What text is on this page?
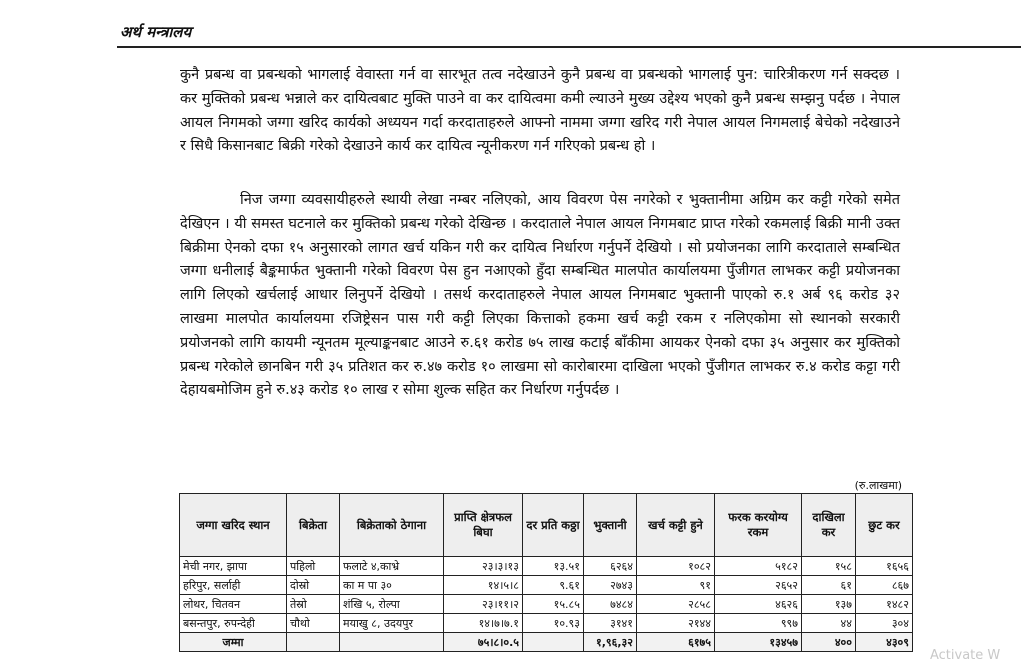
अर्थ मन्त्रालय

कुनै प्रबन्ध वा प्रबन्धको भागलाई वेवास्ता गर्न वा सारभूत तत्व नदेखाउने कुनै प्रबन्ध वा प्रबन्धको भागलाई पुन: चारित्रीकरण गर्न सक्दछ । कर मुक्तिको प्रबन्ध भन्नाले कर दायित्वबाट मुक्ति पाउने वा कर दायित्वमा कमी ल्याउने मुख्य उद्देश्य भएको कुनै प्रबन्ध सम्झनु पर्दछ । नेपाल आयल निगमको जग्गा खरिद कार्यको अध्ययन गर्दा करदाताहरुले आफ्नो नाममा जग्गा खरिद गरी नेपाल आयल निगमलाई बेचेको नदेखाउने र सिधै किसानबाट बिक्री गरेको देखाउने कार्य कर दायित्व न्यूनीकरण गर्न गरिएको प्रबन्ध हो ।

निज जग्गा व्यवसायीहरुले स्थायी लेखा नम्बर नलिएको, आय विवरण पेस नगरेको र भुक्तानीमा अग्रिम कर कट्टी गरेको समेत देखिएन । यी समस्त घटनाले कर मुक्तिको प्रबन्ध गरेको देखिन्छ । करदाताले नेपाल आयल निगमबाट प्राप्त गरेको रकमलाई बिक्री मानी उक्त बिक्रीमा ऐनको दफा १५ अनुसारको लागत खर्च यकिन गरी कर दायित्व निर्धारण गर्नुपर्ने देखियो । सो प्रयोजनका लागि करदाताले सम्बन्धित जग्गा धनीलाई बैङ्कमार्फत भुक्तानी गरेको विवरण पेस हुन नआएको हुँदा सम्बन्धित मालपोत कार्यालयमा पुँजीगत लाभकर कट्टी प्रयोजनका लागि लिएको खर्चलाई आधार लिनुपर्ने देखियो । तसर्थ करदाताहरुले नेपाल आयल निगमबाट भुक्तानी पाएको रु.१ अर्ब ९६ करोड ३२ लाखमा मालपोत कार्यालयमा रजिष्ट्रेसन पास गरी कट्टी लिएका कित्ताको हकमा खर्च कट्टी रकम र नलिएकोमा सो स्थानको सरकारी प्रयोजनको लागि कायमी न्यूनतम मूल्याङ्कनबाट आउने रु.६१ करोड ७५ लाख कटाई बाँकीमा आयकर ऐनको दफा ३५ अनुसार कर मुक्तिको प्रबन्ध गरेकोले छानबिन गरी ३५ प्रतिशत कर रु.४७ करोड १० लाखमा सो कारोबारमा दाखिला भएको पुँजीगत लाभकर रु.४ करोड कट्टा गरी देहायबमोजिम हुने रु.४३ करोड १० लाख र सोमा शुल्क सहित कर निर्धारण गर्नुपर्दछ ।

(रु.लाखमा)
जग्गा खरिद स्थान	बिक्रेता	बिक्रेताको ठेगाना	प्राप्ति क्षेत्रफल बिघा	दर प्रति कठ्ठा	भुक्तानी	खर्च कट्टी हुने	फरक करयोग्य रकम	दाखिला कर	छुट कर
मेची नगर, झापा	पहिलो	फलाटे ४,काभ्रे	२३।३।१३	१३.५१	६२६४	१०८२	५१८२	१५८	१६५६
हरिपुर, सर्लाही	दोस्रो	का म पा ३०	१४।५।८	९.६१	२७४३	९१	२६५२	६१	८६७
लोथर, चितवन	तेस्रो	शंखि ५, रोल्पा	२३।११।२	१५.८५	७४८४	२८५८	४६२६	१३७	१४८२
बसन्तपुर, रुपन्देही	चौथो	मयाखु ८, उदयपुर	१४।७।७.१	१०.९३	३१४१	२१४४	९९७	४४	३०४
जम्मा			७५।८।०.५		१,९६,३२	६१७५	१३४५७	४००	४३०९
Activate W
